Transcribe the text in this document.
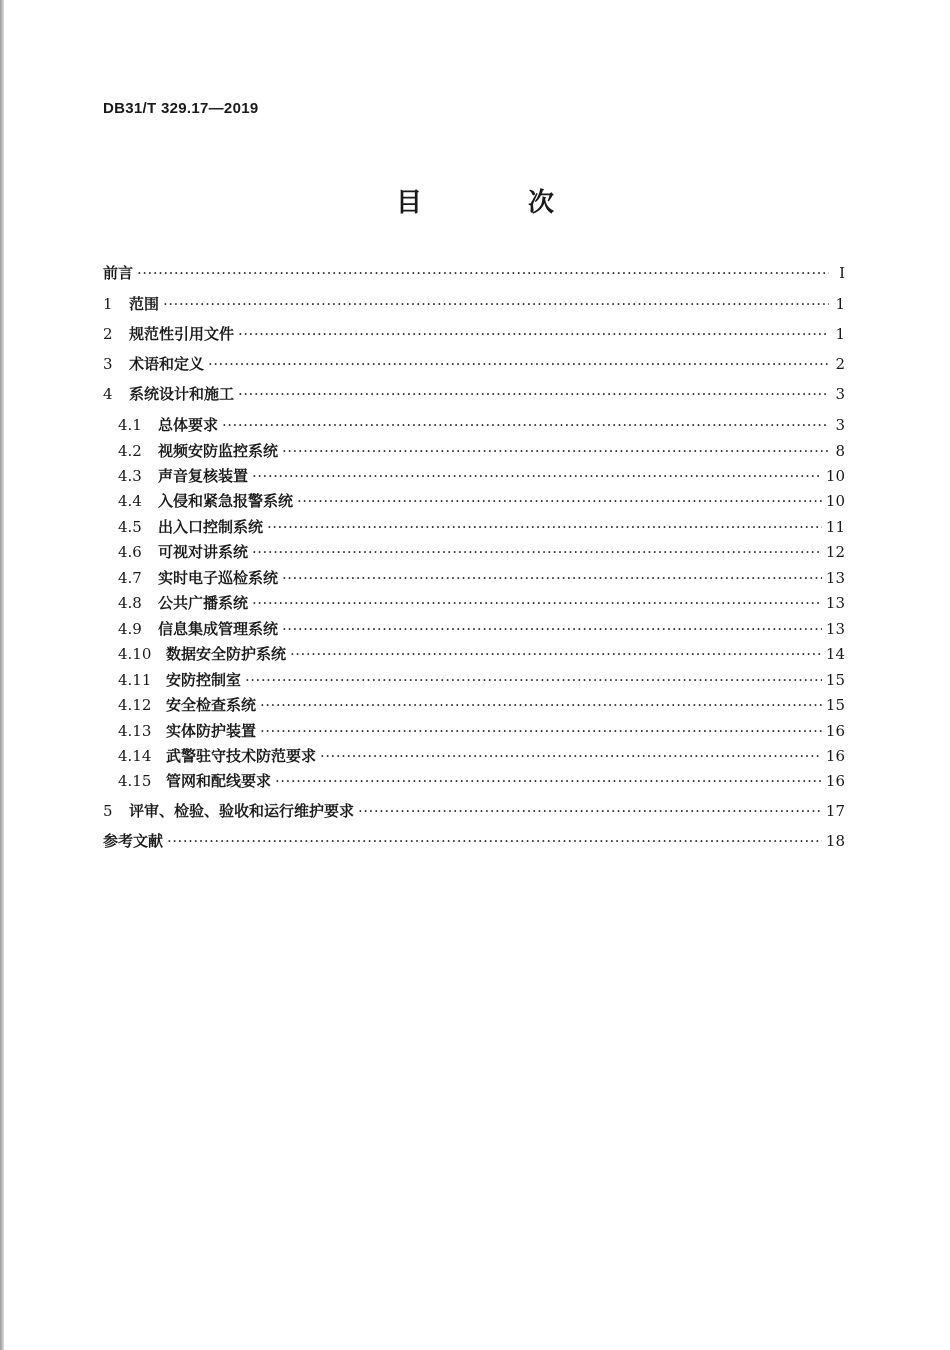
DB31/T 329.17—2019
目　次
前言 ·····	Ⅰ
1	范围 ·····	1
2	规范性引用文件 ·····	1
3	术语和定义 ·····	2
4	系统设计和施工 ·····	3
4.1	总体要求 ·····	3
4.2	视频安防监控系统 ·····	8
4.3	声音复核装置 ·····	10
4.4	入侵和紧急报警系统 ·····	10
4.5	出入口控制系统 ·····	11
4.6	可视对讲系统 ·····	12
4.7	实时电子巡检系统 ·····	13
4.8	公共广播系统 ·····	13
4.9	信息集成管理系统 ·····	13
4.10 数据安全防护系统 ·····	14
4.11 安防控制室 ·····	15
4.12 安全检查系统 ·····	15
4.13 实体防护装置 ·····	16
4.14 武警驻守技术防范要求 ·····	16
4.15 管网和配线要求 ·····	16
5	评审、检验、验收和运行维护要求 ·····	17
参考文献 ·····	18
